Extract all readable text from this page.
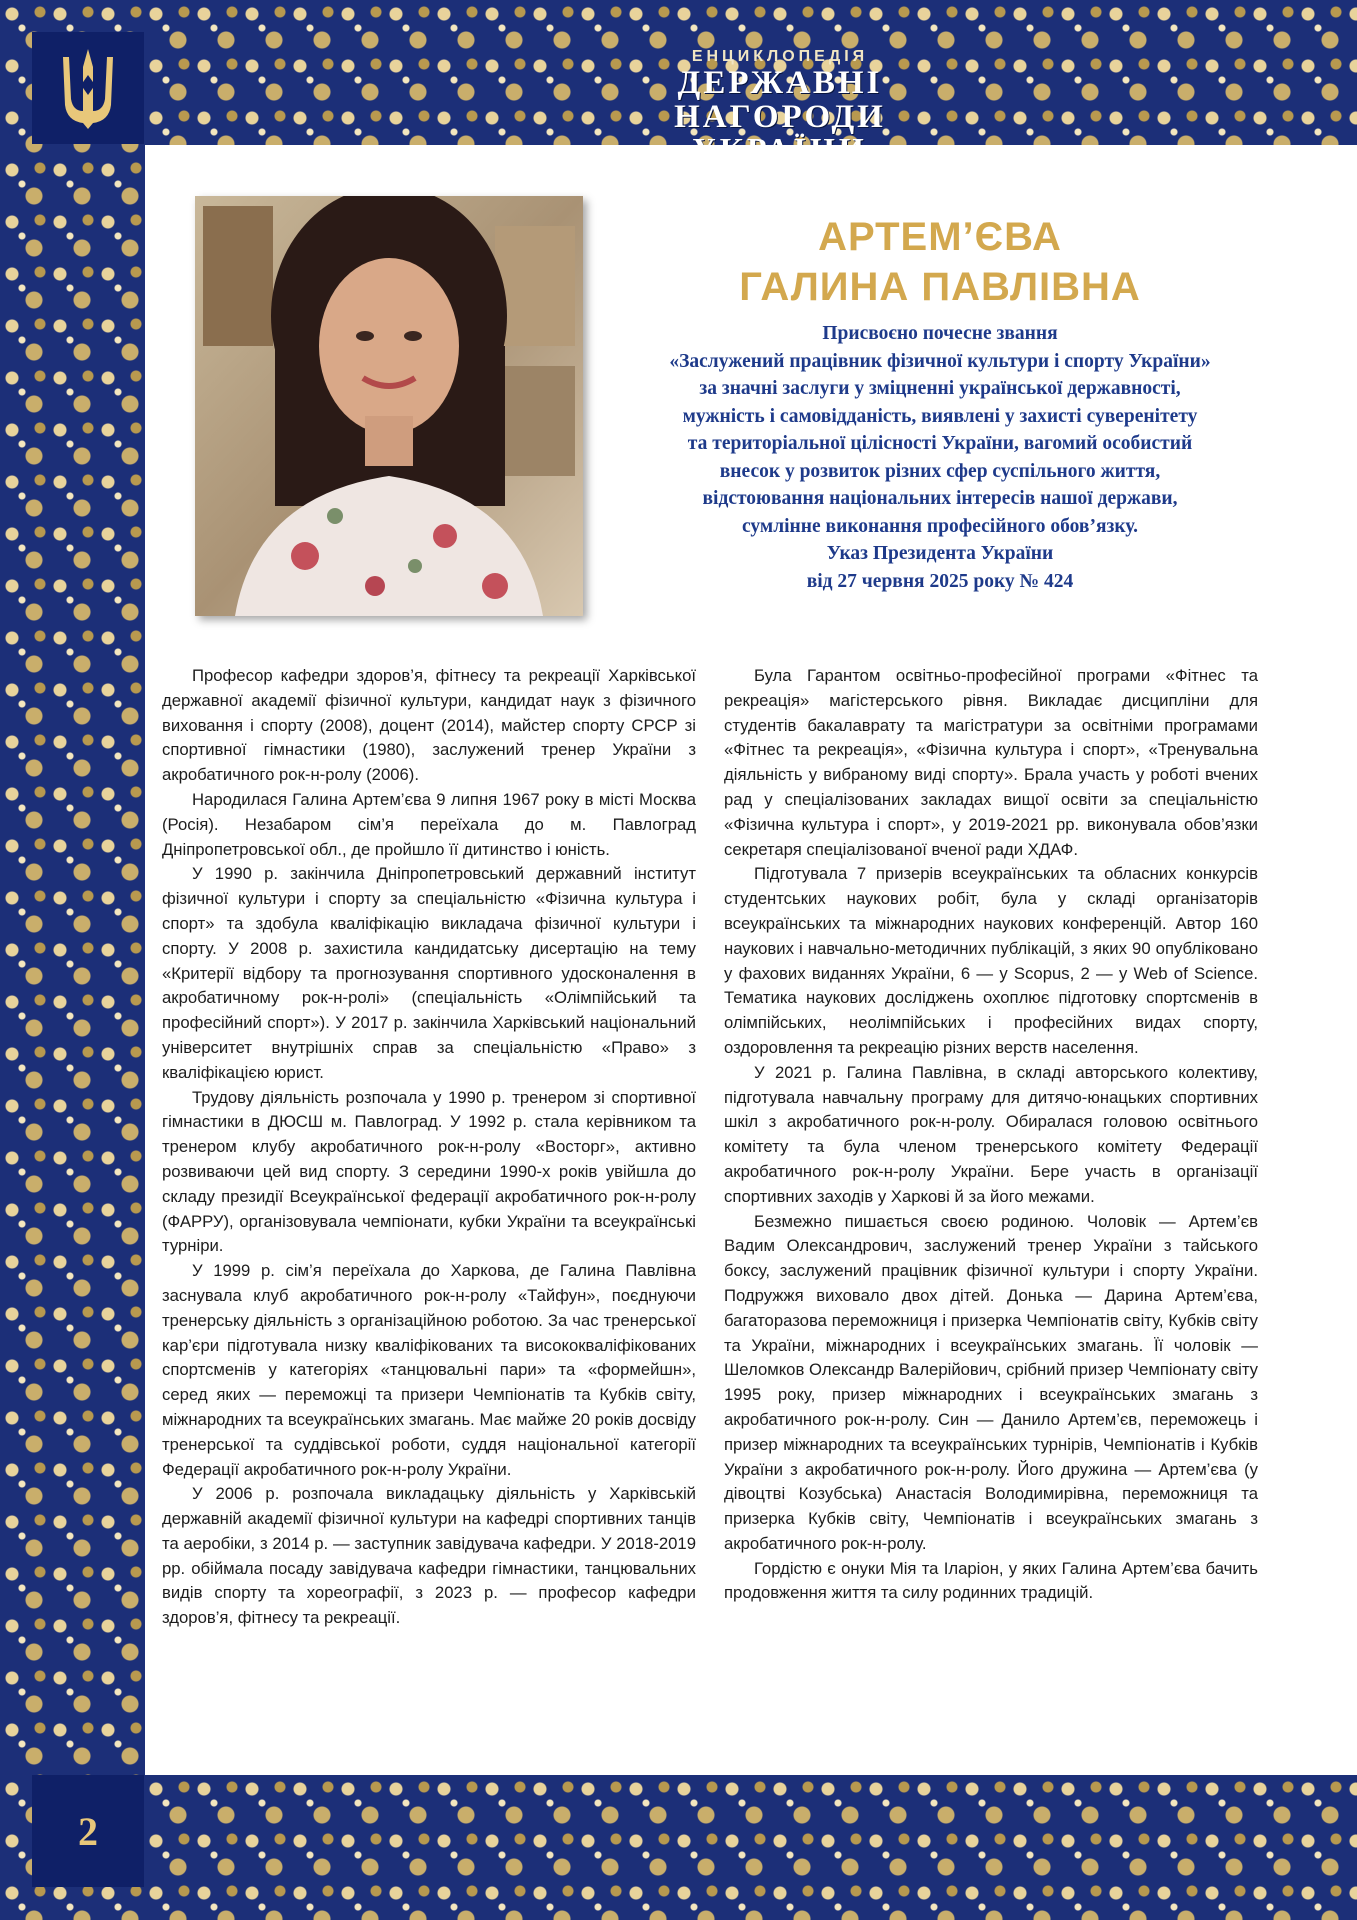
ЕНЦИКЛОПЕДІЯ
ДЕРЖАВНІ НАГОРОДИ
2
АРТЕМ’ЄВА
ГАЛИНА ПАВЛІВНА
Присвоєно почесне звання
«Заслужений працівник фізичної культури і спорту України»
за значні заслуги у зміцненні української державності,
мужність і самовідданість, виявлені у захисті суверенітету
та територіальної цілісності України, вагомий особистий
внесок у розвиток різних сфер суспільного життя,
відстоювання національних інтересів нашої держави,
сумлінне виконання професійного обов’язку.
Указ Президента України
від 27 червня 2025 року № 424

Професор кафедри здоров’я, фітнесу та рекреації Харківської державної академії фізичної культури, кандидат наук з фізичного виховання і спорту (2008), доцент (2014), майстер спорту СРСР зі спортивної гімнастики (1980), заслужений тренер України з акробатичного рок-н-ролу (2006).

Народилася Галина Артем’єва 9 липня 1967 року в місті Москва (Росія). Незабаром сім’я переїхала до м. Павлоград Дніпропетровської обл., де пройшло її дитинство і юність.

У 1990 р. закінчила Дніпропетровський державний інститут фізичної культури і спорту за спеціальністю «Фізична культура і спорт» та здобула кваліфікацію викладача фізичної культури і спорту. У 2008 р. захистила кандидатську дисертацію на тему «Критерії відбору та прогнозування спортивного удосконалення в акробатичному рок-н-ролі» (спеціальність «Олімпійський та професійний спорт»). У 2017 р. закінчила Харківський національний університет внутрішніх справ за спеціальністю «Право» з кваліфікацією юрист.

Трудову діяльність розпочала у 1990 р. тренером зі спортивної гімнастики в ДЮСШ м. Павлоград. У 1992 р. стала керівником та тренером клубу акробатичного рок-н-ролу «Восторг», активно розвиваючи цей вид спорту. З середини 1990-х років увійшла до складу президії Всеукраїнської федерації акробатичного рок-н-ролу (ФАРРУ), організовувала чемпіонати, кубки України та всеукраїнські турніри.

У 1999 р. сім’я переїхала до Харкова, де Галина Павлівна заснувала клуб акробатичного рок-н-ролу «Тайфун», поєднуючи тренерську діяльність з організаційною роботою. За час тренерської кар’єри підготувала низку кваліфікованих та висококваліфікованих спортсменів у категоріях «танцювальні пари» та «формейшн», серед яких — переможці та призери Чемпіонатів та Кубків світу, міжнародних та всеукраїнських змагань. Має майже 20 років досвіду тренерської та суддівської роботи, суддя національної категорії Федерації акробатичного рок-н-ролу України.

У 2006 р. розпочала викладацьку діяльність у Харківській державній академії фізичної культури на кафедрі спортивних танців та аеробіки, з 2014 р. — заступник завідувача кафедри. У 2018-2019 рр. обіймала посаду завідувача кафедри гімнастики, танцювальних видів спорту та хореографії, з 2023 р. — професор кафедри здоров’я, фітнесу та рекреації.

Була Гарантом освітньо-професійної програми «Фітнес та рекреація» магістерського рівня. Викладає дисципліни для студентів бакалаврату та магістратури за освітніми програмами «Фітнес та рекреація», «Фізична культура і спорт», «Тренувальна діяльність у вибраному виді спорту». Брала участь у роботі вчених рад у спеціалізованих закладах вищої освіти за спеціальністю «Фізична культура і спорт», у 2019-2021 рр. виконувала обов’язки секретаря спеціалізованої вченої ради ХДАФ.

Підготувала 7 призерів всеукраїнських та обласних конкурсів студентських наукових робіт, була у складі організаторів всеукраїнських та міжнародних наукових конференцій. Автор 160 наукових і навчально-методичних публікацій, з яких 90 опубліковано у фахових виданнях України, 6 — у Scopus, 2 — у Web of Science. Тематика наукових досліджень охоплює підготовку спортсменів в олімпійських, неолімпійських і професійних видах спорту, оздоровлення та рекреацію різних верств населення.

У 2021 р. Галина Павлівна, в складі авторського колективу, підготувала навчальну програму для дитячо-юнацьких спортивних шкіл з акробатичного рок-н-ролу. Обиралася головою освітнього комітету та була членом тренерського комітету Федерації акробатичного рок-н-ролу України. Бере участь в організації спортивних заходів у Харкові й за його межами.

Безмежно пишається своєю родиною. Чоловік — Артем’єв Вадим Олександрович, заслужений тренер України з тайського боксу, заслужений працівник фізичної культури і спорту України. Подружжя виховало двох дітей. Донька — Дарина Артем’єва, багаторазова переможниця і призерка Чемпіонатів світу, Кубків світу та України, міжнародних і всеукраїнських змагань. Її чоловік — Шеломков Олександр Валерійович, срібний призер Чемпіонату світу 1995 року, призер міжнародних і всеукраїнських змагань з акробатичного рок-н-ролу. Син — Данило Артем’єв, переможець і призер міжнародних та всеукраїнських турнірів, Чемпіонатів і Кубків України з акробатичного рок-н-ролу. Його дружина — Артем’єва (у дівоцтві Козубська) Анастасія Володимирівна, переможниця та призерка Кубків світу, Чемпіонатів і всеукраїнських змагань з акробатичного рок-н-ролу.

Гордістю є онуки Мія та Іларіон, у яких Галина Артем’єва бачить продовження життя та силу родинних традицій.
